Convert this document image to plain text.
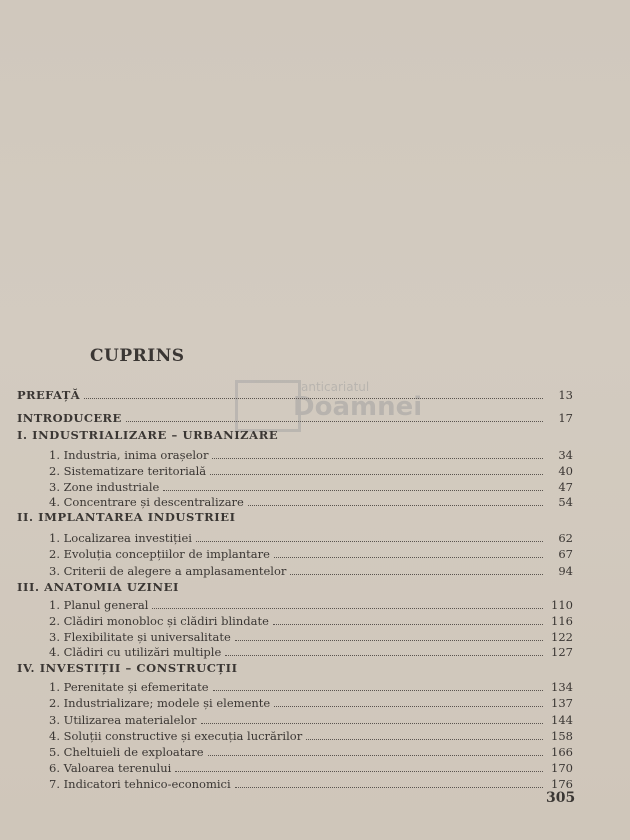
anticariatul
Doamnei
CUPRINS
PREFAȚĂ	13
INTRODUCERE	17
I. INDUSTRIALIZARE – URBANIZARE
1. Industria, inima orașelor	34
2. Sistematizare teritorială	40
3. Zone industriale	47
4. Concentrare și descentralizare	54
II. IMPLANTAREA INDUSTRIEI
1. Localizarea investiției	62
2. Evoluția concepțiilor de implantare	67
3. Criterii de alegere a amplasamentelor	94
III. ANATOMIA UZINEI
1. Planul general	110
2. Clădiri monobloc și clădiri blindate	116
3. Flexibilitate și universalitate	122
4. Clădiri cu utilizări multiple	127
IV. INVESTIȚII – CONSTRUCȚII
1. Perenitate și efemeritate	134
2. Industrializare; modele și elemente	137
3. Utilizarea materialelor	144
4. Soluții constructive și execuția lucrărilor	158
5. Cheltuieli de exploatare	166
6. Valoarea terenului	170
7. Indicatori tehnico-economici	176
305
